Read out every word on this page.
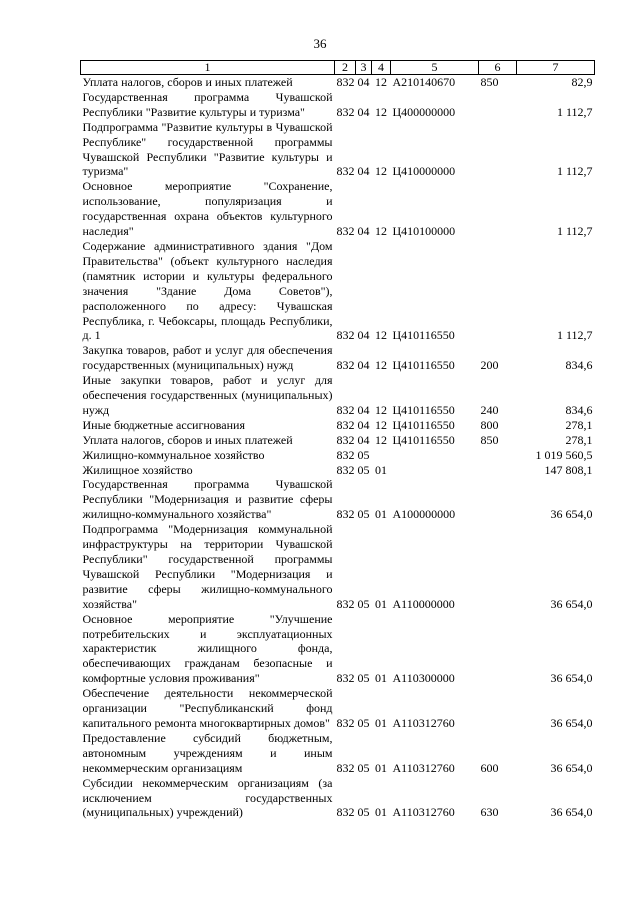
36
1	2	3	4	5	6	7
Уплата налогов, сборов и иных платежей	832	04	12	А210140670	850	82,9
Государственная программа Чувашской Республики "Развитие культуры и туризма"	832	04	12	Ц400000000		1 112,7
Подпрограмма "Развитие культуры в Чувашской Республике" государственной программы Чувашской Республики "Развитие культуры и туризма"	832	04	12	Ц410000000		1 112,7
Основное мероприятие "Сохранение, использование, популяризация и государственная охрана объектов культурного наследия"	832	04	12	Ц410100000		1 112,7
Содержание административного здания "Дом Правительства" (объект культурного наследия (памятник истории и культуры федерального значения "Здание Дома Советов"), расположенного по адресу: Чувашская Республика, г. Чебоксары, площадь Республики, д. 1	832	04	12	Ц410116550		1 112,7
Закупка товаров, работ и услуг для обеспечения государственных (муниципальных) нужд	832	04	12	Ц410116550	200	834,6
Иные закупки товаров, работ и услуг для обеспечения государственных (муниципальных) нужд	832	04	12	Ц410116550	240	834,6
Иные бюджетные ассигнования	832	04	12	Ц410116550	800	278,1
Уплата налогов, сборов и иных платежей	832	04	12	Ц410116550	850	278,1
Жилищно-коммунальное хозяйство	832	05				1 019 560,5
Жилищное хозяйство	832	05	01			147 808,1
Государственная программа Чувашской Республики "Модернизация и развитие сферы жилищно-коммунального хозяйства"	832	05	01	А100000000		36 654,0
Подпрограмма "Модернизация коммунальной инфраструктуры на территории Чувашской Республики" государственной программы Чувашской Республики "Модернизация и развитие сферы жилищно-коммунального хозяйства"	832	05	01	А110000000		36 654,0
Основное мероприятие "Улучшение потребительских и эксплуатационных характеристик жилищного фонда, обеспечивающих гражданам безопасные и комфортные условия проживания"	832	05	01	А110300000		36 654,0
Обеспечение деятельности некоммерческой организации "Республиканский фонд капитального ремонта многоквартирных домов"	832	05	01	А110312760		36 654,0
Предоставление субсидий бюджетным, автономным учреждениям и иным некоммерческим организациям	832	05	01	А110312760	600	36 654,0
Субсидии некоммерческим организациям (за исключением государственных (муниципальных) учреждений)	832	05	01	А110312760	630	36 654,0
